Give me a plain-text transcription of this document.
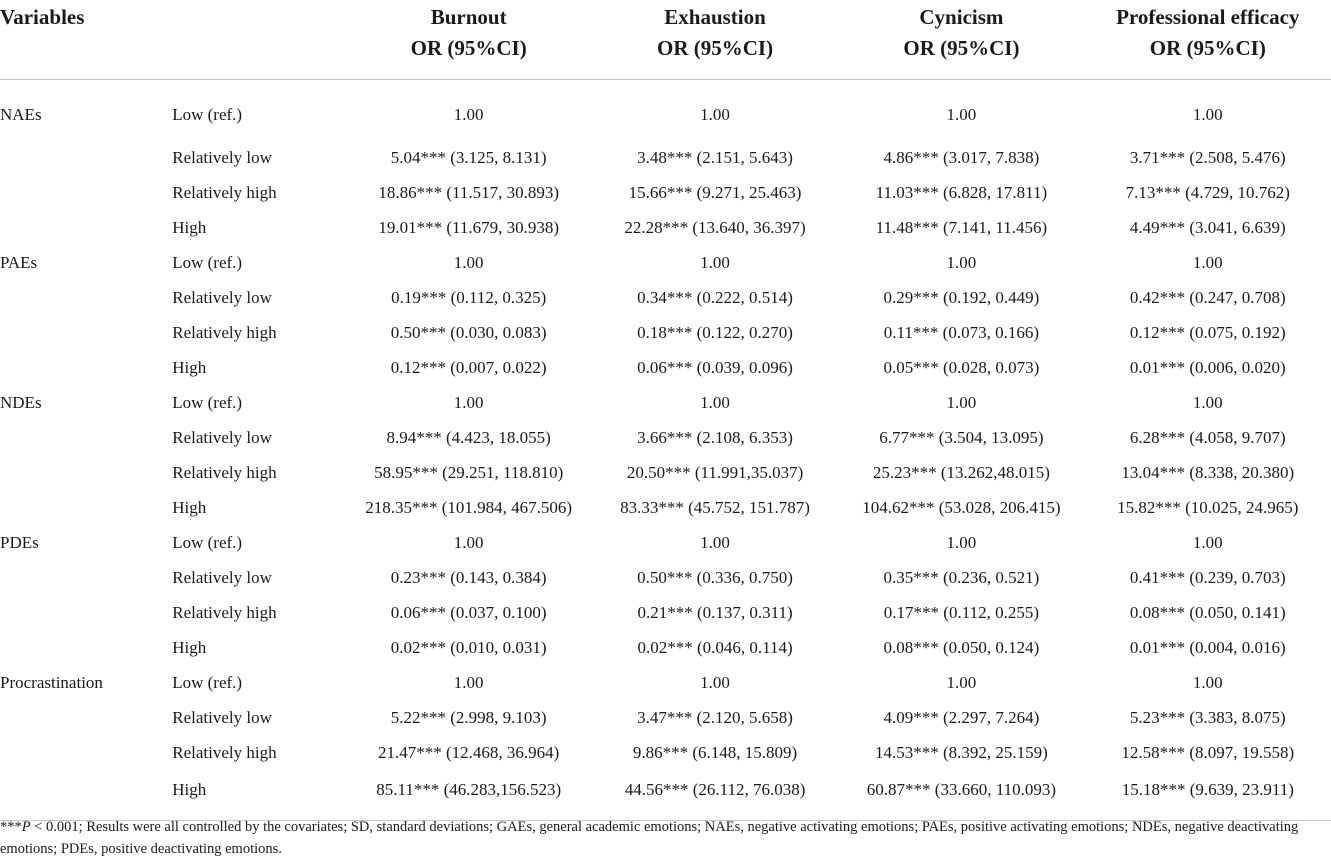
Variables		Burnout	Exhaustion	Cynicism	Professional efficacy
		OR (95%CI)	OR (95%CI)	OR (95%CI)	OR (95%CI)
NAEs	Low (ref.)	1.00	1.00	1.00	1.00
	Relatively low	5.04*** (3.125, 8.131)	3.48*** (2.151, 5.643)	4.86*** (3.017, 7.838)	3.71*** (2.508, 5.476)
	Relatively high	18.86*** (11.517, 30.893)	15.66*** (9.271, 25.463)	11.03*** (6.828, 17.811)	7.13*** (4.729, 10.762)
	High	19.01*** (11.679, 30.938)	22.28*** (13.640, 36.397)	11.48*** (7.141, 11.456)	4.49*** (3.041, 6.639)
PAEs	Low (ref.)	1.00	1.00	1.00	1.00
	Relatively low	0.19*** (0.112, 0.325)	0.34*** (0.222, 0.514)	0.29*** (0.192, 0.449)	0.42*** (0.247, 0.708)
	Relatively high	0.50*** (0.030, 0.083)	0.18*** (0.122, 0.270)	0.11*** (0.073, 0.166)	0.12*** (0.075, 0.192)
	High	0.12*** (0.007, 0.022)	0.06*** (0.039, 0.096)	0.05*** (0.028, 0.073)	0.01*** (0.006, 0.020)
NDEs	Low (ref.)	1.00	1.00	1.00	1.00
	Relatively low	8.94*** (4.423, 18.055)	3.66*** (2.108, 6.353)	6.77*** (3.504, 13.095)	6.28*** (4.058, 9.707)
	Relatively high	58.95*** (29.251, 118.810)	20.50*** (11.991,35.037)	25.23*** (13.262,48.015)	13.04*** (8.338, 20.380)
	High	218.35*** (101.984, 467.506)	83.33*** (45.752, 151.787)	104.62*** (53.028, 206.415)	15.82*** (10.025, 24.965)
PDEs	Low (ref.)	1.00	1.00	1.00	1.00
	Relatively low	0.23*** (0.143, 0.384)	0.50*** (0.336, 0.750)	0.35*** (0.236, 0.521)	0.41*** (0.239, 0.703)
	Relatively high	0.06*** (0.037, 0.100)	0.21*** (0.137, 0.311)	0.17*** (0.112, 0.255)	0.08*** (0.050, 0.141)
	High	0.02*** (0.010, 0.031)	0.02*** (0.046, 0.114)	0.08*** (0.050, 0.124)	0.01*** (0.004, 0.016)
Procrastination	Low (ref.)	1.00	1.00	1.00	1.00
	Relatively low	5.22*** (2.998, 9.103)	3.47*** (2.120, 5.658)	4.09*** (2.297, 7.264)	5.23*** (3.383, 8.075)
	Relatively high	21.47*** (12.468, 36.964)	9.86*** (6.148, 15.809)	14.53*** (8.392, 25.159)	12.58*** (8.097, 19.558)
	High	85.11*** (46.283,156.523)	44.56*** (26.112, 76.038)	60.87*** (33.660, 110.093)	15.18*** (9.639, 23.911)
***P < 0.001; Results were all controlled by the covariates; SD, standard deviations; GAEs, general academic emotions; NAEs, negative activating emotions; PAEs, positive activating emotions; NDEs, negative deactivating emotions; PDEs, positive deactivating emotions.
